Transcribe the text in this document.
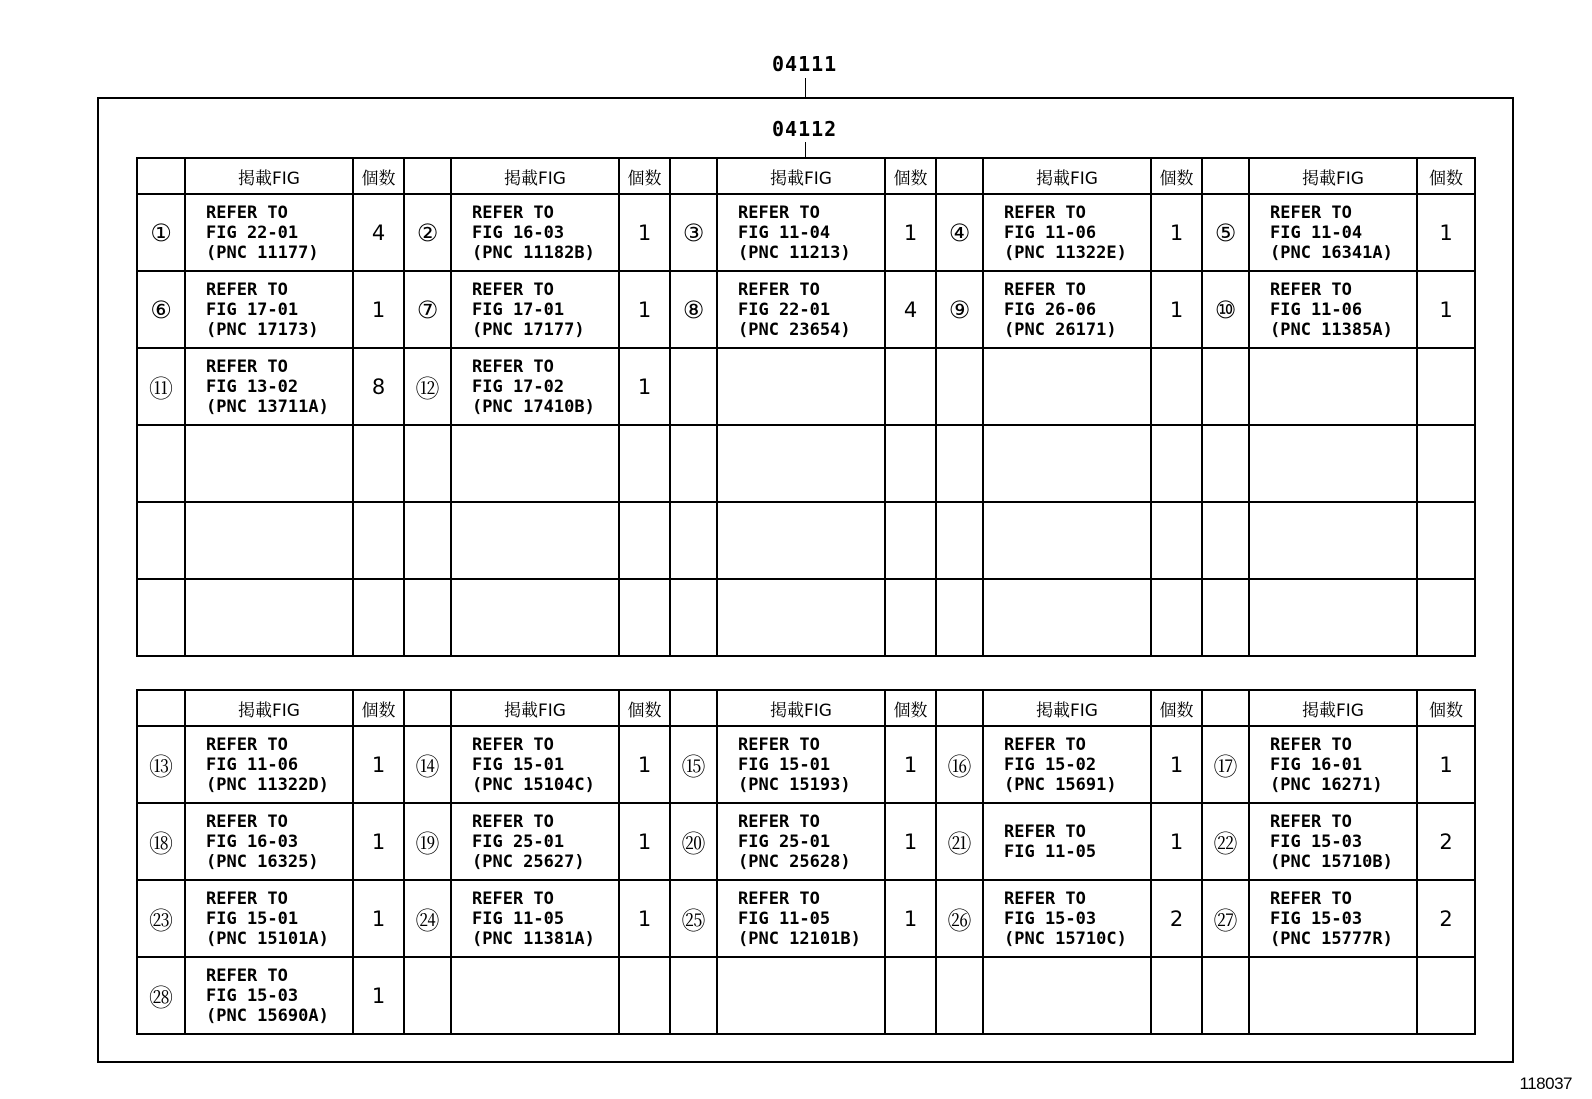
04111
04112
掲載FIG	個数	掲載FIG	個数	掲載FIG	個数	掲載FIG	個数	掲載FIG	個数
①
REFER TO
FIG 22-01
(PNC 11177)
4	②
REFER TO
FIG 16-03
(PNC 11182B)
1	③
REFER TO
FIG 11-04
(PNC 11213)
1	④
REFER TO
FIG 11-06
(PNC 11322E)
1	⑤
REFER TO
FIG 11-04
(PNC 16341A)
1
⑥
REFER TO
FIG 17-01
(PNC 17173)
1	⑦
REFER TO
FIG 17-01
(PNC 17177)
1	⑧
REFER TO
FIG 22-01
(PNC 23654)
4	⑨
REFER TO
FIG 26-06
(PNC 26171)
1	⑩
REFER TO
FIG 11-06
(PNC 11385A)
1
⑪
REFER TO
FIG 13-02
(PNC 13711A)
8	⑫
REFER TO
FIG 17-02
(PNC 17410B)
1
掲載FIG	個数	掲載FIG	個数	掲載FIG	個数	掲載FIG	個数	掲載FIG	個数
⑬
REFER TO
FIG 11-06
(PNC 11322D)
1	⑭
REFER TO
FIG 15-01
(PNC 15104C)
1	⑮
REFER TO
FIG 15-01
(PNC 15193)
1	⑯
REFER TO
FIG 15-02
(PNC 15691)
1	⑰
REFER TO
FIG 16-01
(PNC 16271)
1
⑱
REFER TO
FIG 16-03
(PNC 16325)
1	⑲
REFER TO
FIG 25-01
(PNC 25627)
1	⑳
REFER TO
FIG 25-01
(PNC 25628)
1	㉑	REFER TO
FIG 11-05	1	㉒
REFER TO
FIG 15-03
(PNC 15710B)
2
㉓
REFER TO
FIG 15-01
(PNC 15101A)
1	㉔
REFER TO
FIG 11-05
(PNC 11381A)
1	㉕
REFER TO
FIG 11-05
(PNC 12101B)
1	㉖
REFER TO
FIG 15-03
(PNC 15710C)
2	㉗
REFER TO
FIG 15-03
(PNC 15777R)
2
㉘
REFER TO
FIG 15-03
(PNC 15690A)
1
118037
